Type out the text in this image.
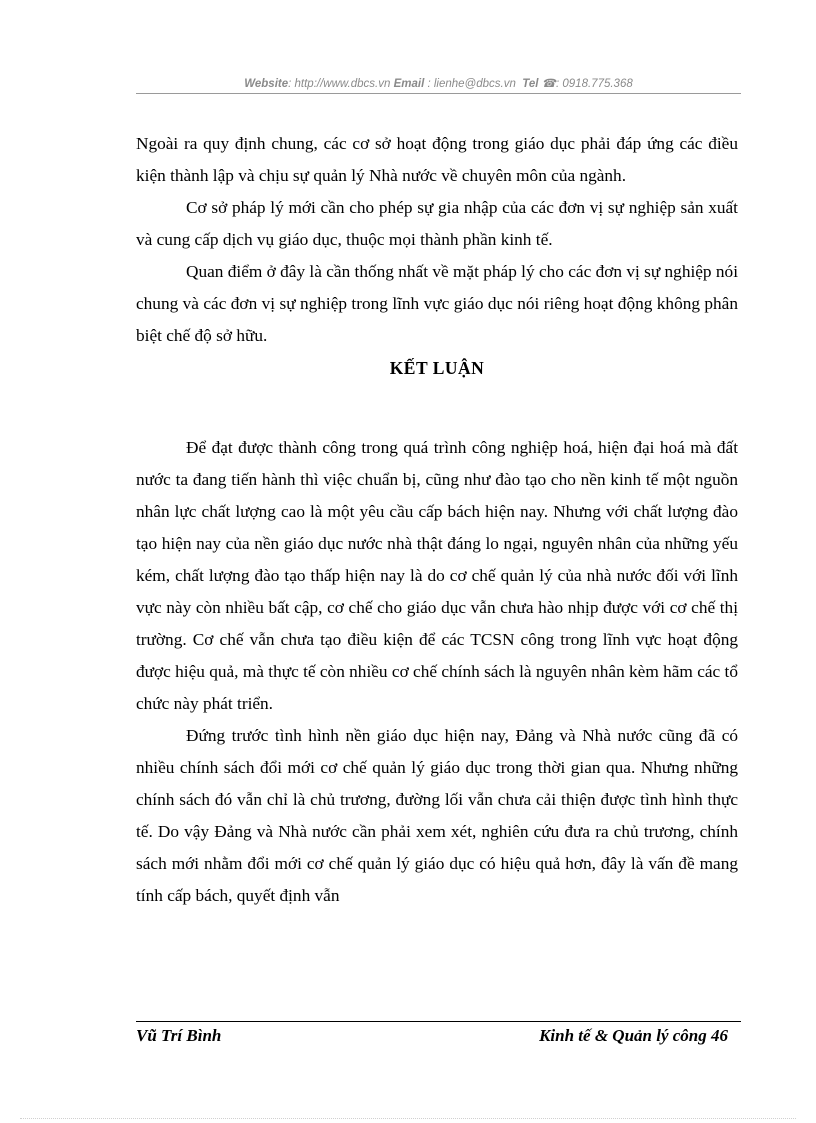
Website: http://www.dbcs.vn Email : lienhe@dbcs.vn Tel ☎: 0918.775.368

Ngoài ra quy định chung, các cơ sở hoạt động trong giáo dục phải đáp ứng các điều kiện thành lập và chịu sự quản lý Nhà nước về chuyên môn của ngành.

Cơ sở pháp lý mới cần cho phép sự gia nhập của các đơn vị sự nghiệp sản xuất và cung cấp dịch vụ giáo dục, thuộc mọi thành phần kinh tế.

Quan điểm ở đây là cần thống nhất về mặt pháp lý cho các đơn vị sự nghiệp nói chung và các đơn vị sự nghiệp trong lĩnh vực giáo dục nói riêng hoạt động không phân biệt chế độ sở hữu.

KẾT LUẬN

Để đạt được thành công trong quá trình công nghiệp hoá, hiện đại hoá mà đất nước ta đang tiến hành thì việc chuẩn bị, cũng như đào tạo cho nền kinh tế một nguồn nhân lực chất lượng cao là một yêu cầu cấp bách hiện nay. Nhưng với chất lượng đào tạo hiện nay của nền giáo dục nước nhà thật đáng lo ngại, nguyên nhân của những yếu kém, chất lượng đào tạo thấp hiện nay là do cơ chế quản lý của nhà nước đối với lĩnh vực này còn nhiều bất cập, cơ chế cho giáo dục vẫn chưa hào nhịp được với cơ chế thị trường. Cơ chế vẫn chưa tạo điều kiện để các TCSN công trong lĩnh vực hoạt động được hiệu quả, mà thực tế còn nhiều cơ chế chính sách là nguyên nhân kèm hãm các tổ chức này phát triển.

Đứng trước tình hình nền giáo dục hiện nay, Đảng và Nhà nước cũng đã có nhiều chính sách đổi mới cơ chế quản lý giáo dục trong thời gian qua. Nhưng những chính sách đó vẫn chỉ là chủ trương, đường lối vẫn chưa cải thiện được tình hình thực tế. Do vậy Đảng và Nhà nước cần phải xem xét, nghiên cứu đưa ra chủ trương, chính sách mới nhằm đổi mới cơ chế quản lý giáo dục có hiệu quả hơn, đây là vấn đề mang tính cấp bách, quyết định vẫn

Vũ Trí Bình	Kinh tế & Quản lý công 46
